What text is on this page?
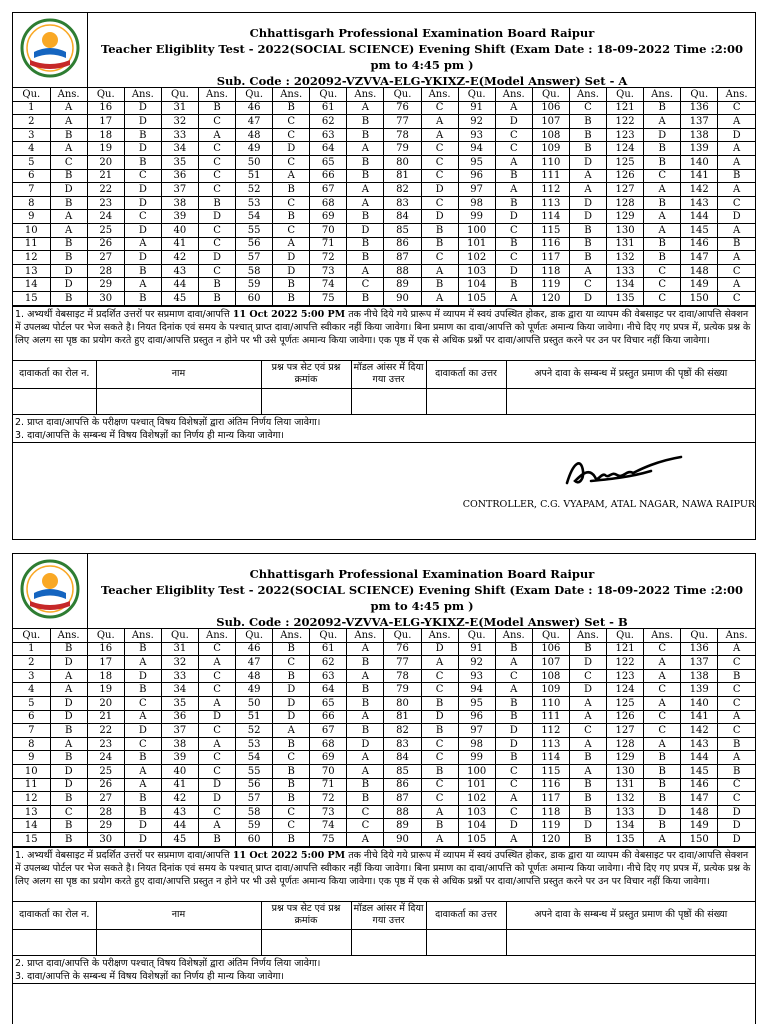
Chhattisgarh Professional Examination Board Raipur
Teacher Eligiblity Test - 2022(SOCIAL SCIENCE) Evening Shift (Exam Date : 18-09-2022 Time :2:00 pm to 4:45 pm )
Sub. Code : 202092-VZVVA-ELG-YKIXZ-E(Model Answer) Set - A
Qu.	Ans.	Qu.	Ans.	Qu.	Ans.	Qu.	Ans.	Qu.	Ans.	Qu.	Ans.	Qu.	Ans.	Qu.	Ans.	Qu.	Ans.	Qu.	Ans.
1	A	16	D	31	B	46	B	61	A	76	C	91	A	106	C	121	B	136	C
2	A	17	D	32	C	47	C	62	B	77	A	92	D	107	B	122	A	137	A
3	B	18	B	33	A	48	C	63	B	78	A	93	C	108	B	123	D	138	D
4	A	19	D	34	C	49	D	64	A	79	C	94	C	109	B	124	B	139	A
5	C	20	B	35	C	50	C	65	B	80	C	95	A	110	D	125	B	140	A
6	B	21	C	36	C	51	A	66	B	81	C	96	B	111	A	126	C	141	B
7	D	22	D	37	C	52	B	67	A	82	D	97	A	112	A	127	A	142	A
8	B	23	D	38	B	53	C	68	A	83	C	98	B	113	D	128	B	143	C
9	A	24	C	39	D	54	B	69	B	84	D	99	D	114	D	129	A	144	D
10	A	25	D	40	C	55	C	70	D	85	B	100	C	115	B	130	A	145	A
11	B	26	A	41	C	56	A	71	B	86	B	101	B	116	B	131	B	146	B
12	B	27	D	42	D	57	D	72	B	87	C	102	C	117	B	132	B	147	A
13	D	28	B	43	C	58	D	73	A	88	A	103	D	118	A	133	C	148	C
14	D	29	A	44	B	59	B	74	C	89	B	104	B	119	C	134	C	149	A
15	B	30	B	45	B	60	B	75	B	90	A	105	A	120	D	135	C	150	C
1. अभ्यर्थी वेबसाइट में प्रदर्शित उत्तरों पर सप्रमाण दावा/आपत्ति 11 Oct 2022 5:00 PM तक नीचे दिये गये प्रारूप में व्यापम में स्वयं उपस्थित होकर, डाक द्वारा या व्यापम की वेबसाइट पर दावा/आपत्ति सेक्शन में उपलब्ध पोर्टल पर भेज सकते है। नियत दिनांक एवं समय के पश्चात् प्राप्त दावा/आपत्ति स्वीकार नहीं किया जावेगा। बिना प्रमाण का दावा/आपत्ति को पूर्णतः अमान्य किया जावेगा। नीचे दिए गए प्रपत्र में, प्रत्येक प्रश्न के लिए अलग सा पृष्ठ का प्रयोग करते हुए दावा/आपत्ति प्रस्तुत न होने पर भी उसे पूर्णतः अमान्य किया जावेगा। एक पृष्ठ में एक से अधिक प्रश्नों पर दावा/आपत्ति प्रस्तुत करने पर उन पर विचार नहीं किया जावेगा।
दावाकर्ता का रोल न.	नाम	प्रश्न पत्र सेट एवं प्रश्न क्रमांक	मॉडल आंसर में दिया गया उत्तर	दावाकर्ता का उत्तर	अपने दावा के सम्बन्ध में प्रस्तुत प्रमाण की पृष्ठों की संख्या

2. प्राप्त दावा/आपत्ति के परीक्षण पश्चात् विषय विशेषज्ञों द्वारा अंतिम निर्णय लिया जावेगा।
3. दावा/आपत्ति के सम्बन्ध में विषय विशेषज्ञों का निर्णय ही मान्य किया जावेगा।
CONTROLLER, C.G. VYAPAM, ATAL NAGAR, NAWA RAIPUR
Chhattisgarh Professional Examination Board Raipur
Teacher Eligiblity Test - 2022(SOCIAL SCIENCE) Evening Shift (Exam Date : 18-09-2022 Time :2:00 pm to 4:45 pm )
Sub. Code : 202092-VZVVA-ELG-YKIXZ-E(Model Answer) Set - B
Qu.	Ans.	Qu.	Ans.	Qu.	Ans.	Qu.	Ans.	Qu.	Ans.	Qu.	Ans.	Qu.	Ans.	Qu.	Ans.	Qu.	Ans.	Qu.	Ans.
1	B	16	B	31	C	46	B	61	A	76	D	91	B	106	B	121	C	136	A
2	D	17	A	32	A	47	C	62	B	77	A	92	A	107	D	122	A	137	C
3	A	18	D	33	C	48	B	63	A	78	C	93	C	108	C	123	A	138	B
4	A	19	B	34	C	49	D	64	B	79	C	94	A	109	D	124	C	139	C
5	D	20	C	35	A	50	D	65	B	80	B	95	B	110	A	125	A	140	C
6	D	21	A	36	D	51	D	66	A	81	D	96	B	111	A	126	C	141	A
7	B	22	D	37	C	52	A	67	B	82	B	97	D	112	C	127	C	142	C
8	A	23	C	38	A	53	B	68	D	83	C	98	D	113	A	128	A	143	B
9	B	24	B	39	C	54	C	69	A	84	C	99	B	114	B	129	B	144	A
10	D	25	A	40	C	55	B	70	A	85	B	100	C	115	A	130	B	145	B
11	D	26	A	41	D	56	B	71	B	86	C	101	C	116	B	131	B	146	C
12	B	27	B	42	D	57	B	72	B	87	C	102	A	117	B	132	B	147	C
13	C	28	B	43	C	58	C	73	C	88	A	103	C	118	B	133	D	148	D
14	B	29	D	44	A	59	C	74	C	89	B	104	D	119	D	134	B	149	D
15	B	30	D	45	B	60	B	75	A	90	A	105	A	120	B	135	A	150	D
1. अभ्यर्थी वेबसाइट में प्रदर्शित उत्तरों पर सप्रमाण दावा/आपत्ति 11 Oct 2022 5:00 PM तक नीचे दिये गये प्रारूप में व्यापम में स्वयं उपस्थित होकर, डाक द्वारा या व्यापम की वेबसाइट पर दावा/आपत्ति सेक्शन में उपलब्ध पोर्टल पर भेज सकते है। नियत दिनांक एवं समय के पश्चात् प्राप्त दावा/आपत्ति स्वीकार नहीं किया जावेगा। बिना प्रमाण का दावा/आपत्ति को पूर्णतः अमान्य किया जावेगा। नीचे दिए गए प्रपत्र में, प्रत्येक प्रश्न के लिए अलग सा पृष्ठ का प्रयोग करते हुए दावा/आपत्ति प्रस्तुत न होने पर भी उसे पूर्णतः अमान्य किया जावेगा। एक पृष्ठ में एक से अधिक प्रश्नों पर दावा/आपत्ति प्रस्तुत करने पर उन पर विचार नहीं किया जावेगा।
दावाकर्ता का रोल न.	नाम	प्रश्न पत्र सेट एवं प्रश्न क्रमांक	मॉडल आंसर में दिया गया उत्तर	दावाकर्ता का उत्तर	अपने दावा के सम्बन्ध में प्रस्तुत प्रमाण की पृष्ठों की संख्या

2. प्राप्त दावा/आपत्ति के परीक्षण पश्चात् विषय विशेषज्ञों द्वारा अंतिम निर्णय लिया जावेगा।
3. दावा/आपत्ति के सम्बन्ध में विषय विशेषज्ञों का निर्णय ही मान्य किया जावेगा।
